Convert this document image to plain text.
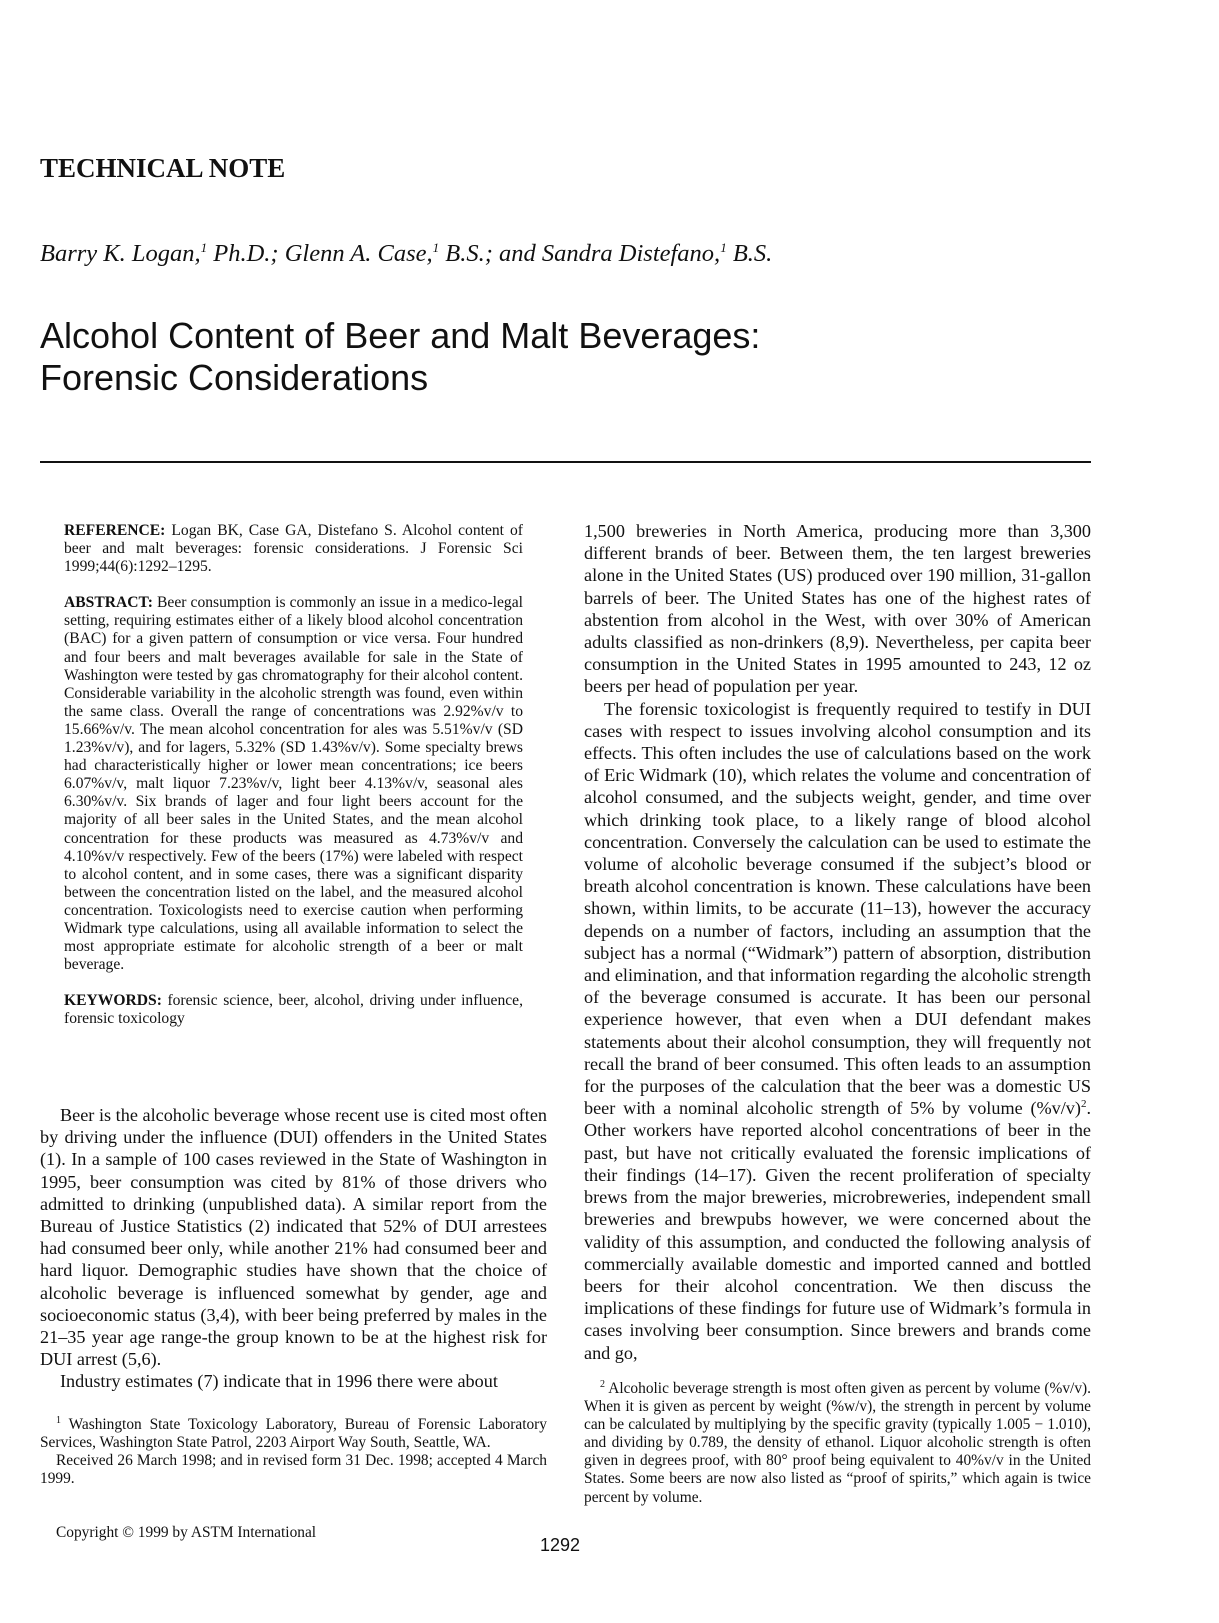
TECHNICAL NOTE
Barry K. Logan,$^1$ Ph.D.; Glenn A. Case,$^1$ B.S.; and Sandra Distefano,$^1$ B.S.
Alcohol Content of Beer and Malt Beverages:
Forensic Considerations

REFERENCE: Logan BK, Case GA, Distefano S. Alcohol content of beer and malt beverages: forensic considerations. J Forensic Sci 1999;44(6):1292–1295.

ABSTRACT: Beer consumption is commonly an issue in a medico-legal setting, requiring estimates either of a likely blood alcohol concentration (BAC) for a given pattern of consumption or vice versa. Four hundred and four beers and malt beverages available for sale in the State of Washington were tested by gas chromatography for their alcohol content. Considerable variability in the alcoholic strength was found, even within the same class. Overall the range of concentrations was 2.92%v/v to 15.66%v/v. The mean alcohol concentration for ales was 5.51%v/v (SD 1.23%v/v), and for lagers, 5.32% (SD 1.43%v/v). Some specialty brews had characteristically higher or lower mean concentrations; ice beers 6.07%v/v, malt liquor 7.23%v/v, light beer 4.13%v/v, seasonal ales 6.30%v/v. Six brands of lager and four light beers account for the majority of all beer sales in the United States, and the mean alcohol concentration for these products was measured as 4.73%v/v and 4.10%v/v respectively. Few of the beers (17%) were labeled with respect to alcohol content, and in some cases, there was a significant disparity between the concentration listed on the label, and the measured alcohol concentration. Toxicologists need to exercise caution when performing Widmark type calculations, using all available information to select the most appropriate estimate for alcoholic strength of a beer or malt beverage.

KEYWORDS: forensic science, beer, alcohol, driving under influence, forensic toxicology

Beer is the alcoholic beverage whose recent use is cited most often by driving under the influence (DUI) offenders in the United States (1). In a sample of 100 cases reviewed in the State of Washington in 1995, beer consumption was cited by 81% of those drivers who admitted to drinking (unpublished data). A similar report from the Bureau of Justice Statistics (2) indicated that 52% of DUI arrestees had consumed beer only, while another 21% had consumed beer and hard liquor. Demographic studies have shown that the choice of alcoholic beverage is influenced somewhat by gender, age and socioeconomic status (3,4), with beer being preferred by males in the 21–35 year age range-the group known to be at the highest risk for DUI arrest (5,6).

Industry estimates (7) indicate that in 1996 there were about

$^1$ Washington State Toxicology Laboratory, Bureau of Forensic Laboratory Services, Washington State Patrol, 2203 Airport Way South, Seattle, WA.

Received 26 March 1998; and in revised form 31 Dec. 1998; accepted 4 March 1999.

1,500 breweries in North America, producing more than 3,300 different brands of beer. Between them, the ten largest breweries alone in the United States (US) produced over 190 million, 31-gallon barrels of beer. The United States has one of the highest rates of abstention from alcohol in the West, with over 30% of American adults classified as non-drinkers (8,9). Nevertheless, per capita beer consumption in the United States in 1995 amounted to 243, 12 oz beers per head of population per year.

The forensic toxicologist is frequently required to testify in DUI cases with respect to issues involving alcohol consumption and its effects. This often includes the use of calculations based on the work of Eric Widmark (10), which relates the volume and concentration of alcohol consumed, and the subjects weight, gender, and time over which drinking took place, to a likely range of blood alcohol concentration. Conversely the calculation can be used to estimate the volume of alcoholic beverage consumed if the subject’s blood or breath alcohol concentration is known. These calculations have been shown, within limits, to be accurate (11–13), however the accuracy depends on a number of factors, including an assumption that the subject has a normal (“Widmark”) pattern of absorption, distribution and elimination, and that information regarding the alcoholic strength of the beverage consumed is accurate. It has been our personal experience however, that even when a DUI defendant makes statements about their alcohol consumption, they will frequently not recall the brand of beer consumed. This often leads to an assumption for the purposes of the calculation that the beer was a domestic US beer with a nominal alcoholic strength of 5% by volume $(\%v/v)^2$. Other workers have reported alcohol concentrations of beer in the past, but have not critically evaluated the forensic implications of their findings (14–17). Given the recent proliferation of specialty brews from the major breweries, microbreweries, independent small breweries and brewpubs however, we were concerned about the validity of this assumption, and conducted the following analysis of commercially available domestic and imported canned and bottled beers for their alcohol concentration. We then discuss the implications of these findings for future use of Widmark’s formula in cases involving beer consumption. Since brewers and brands come and go,

$^2$ Alcoholic beverage strength is most often given as percent by volume (%v/v). When it is given as percent by weight (%w/v), the strength in percent by volume can be calculated by multiplying by the specific gravity (typically 1.005 − 1.010), and dividing by 0.789, the density of ethanol. Liquor alcoholic strength is often given in degrees proof, with 80° proof being equivalent to 40%v/v in the United States. Some beers are now also listed as “proof of spirits,” which again is twice percent by volume.

Copyright © 1999 by ASTM International
1292
